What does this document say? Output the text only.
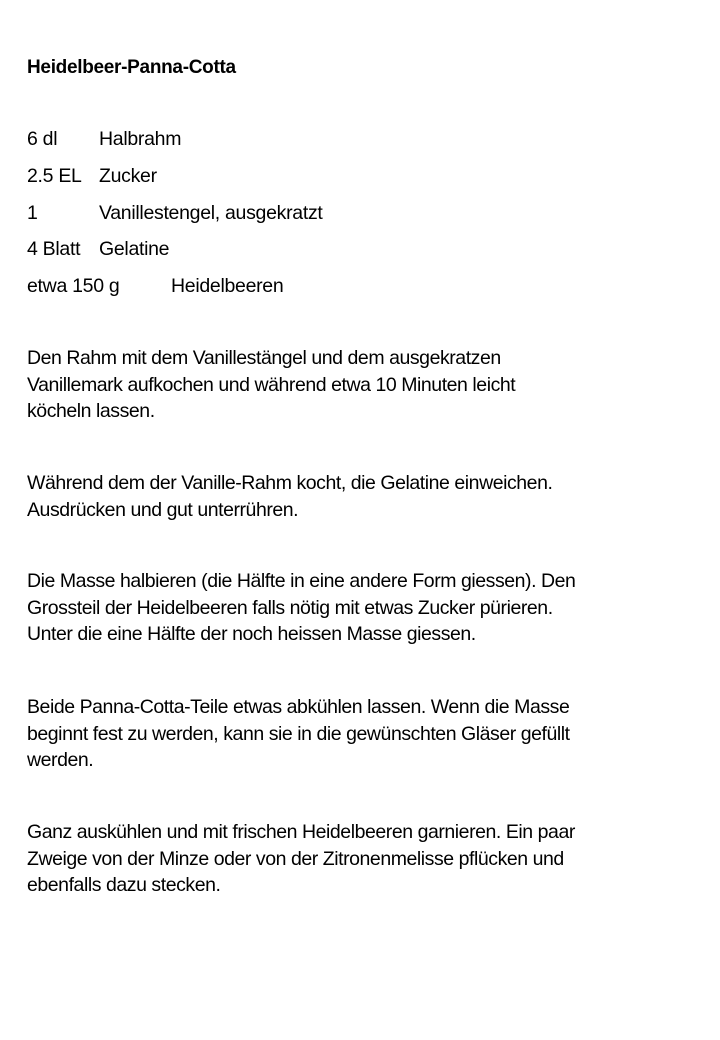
Heidelbeer-Panna-Cotta
6 dl Halbrahm
2.5 EL Zucker
1	Vanillestengel, ausgekratzt
4 Blatt Gelatine
etwa 150 g	Heidelbeeren

Den Rahm mit dem Vanillestängel und dem ausgekratzen
Vanillemark aufkochen und während etwa 10 Minuten leicht
köcheln lassen.

Während dem der Vanille-Rahm kocht, die Gelatine einweichen.
Ausdrücken und gut unterrühren.

Die Masse halbieren (die Hälfte in eine andere Form giessen). Den
Grossteil der Heidelbeeren falls nötig mit etwas Zucker pürieren.
Unter die eine Hälfte der noch heissen Masse giessen.

Beide Panna-Cotta-Teile etwas abkühlen lassen. Wenn die Masse
beginnt fest zu werden, kann sie in die gewünschten Gläser gefüllt
werden.

Ganz auskühlen und mit frischen Heidelbeeren garnieren. Ein paar
Zweige von der Minze oder von der Zitronenmelisse pflücken und
ebenfalls dazu stecken.
